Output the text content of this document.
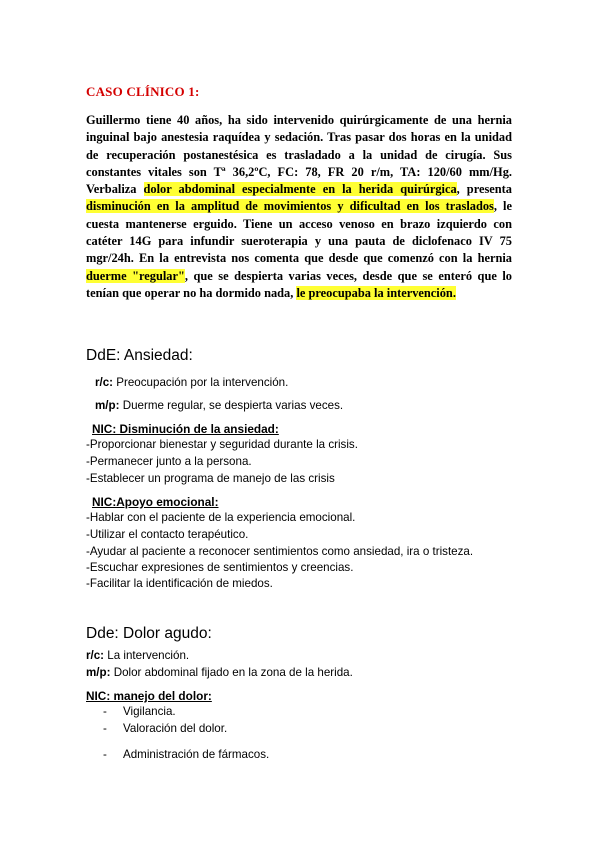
CASO CLÍNICO 1:
Guillermo tiene 40 años, ha sido intervenido quirúrgicamente de una hernia inguinal bajo anestesia raquídea y sedación. Tras pasar dos horas en la unidad de recuperación postanestésica es trasladado a la unidad de cirugía. Sus constantes vitales son Tª 36,2ºC, FC: 78, FR 20 r/m, TA: 120/60 mm/Hg. Verbaliza dolor abdominal especialmente en la herida quirúrgica, presenta disminución en la amplitud de movimientos y dificultad en los traslados, le cuesta mantenerse erguido. Tiene un acceso venoso en brazo izquierdo con catéter 14G para infundir sueroterapia y una pauta de diclofenaco IV 75 mgr/24h. En la entrevista nos comenta que desde que comenzó con la hernia duerme "regular", que se despierta varias veces, desde que se enteró que lo tenían que operar no ha dormido nada, le preocupaba la intervención.
DdE: Ansiedad:
r/c: Preocupación por la intervención.
m/p: Duerme regular, se despierta varias veces.
NIC: Disminución de la ansiedad:
-Proporcionar bienestar y seguridad durante la crisis.
-Permanecer junto a la persona.
-Establecer un programa de manejo de las crisis
NIC:Apoyo emocional:
-Hablar con el paciente de la experiencia emocional.
-Utilizar el contacto terapéutico.
-Ayudar al paciente a reconocer sentimientos como ansiedad, ira o tristeza.
-Escuchar expresiones de sentimientos y creencias.
-Facilitar la identificación de miedos.
Dde: Dolor agudo:
r/c: La intervención.
m/p: Dolor abdominal fijado en la zona de la herida.
NIC: manejo del dolor:
- Vigilancia.
- Valoración del dolor.
- Administración de fármacos.
